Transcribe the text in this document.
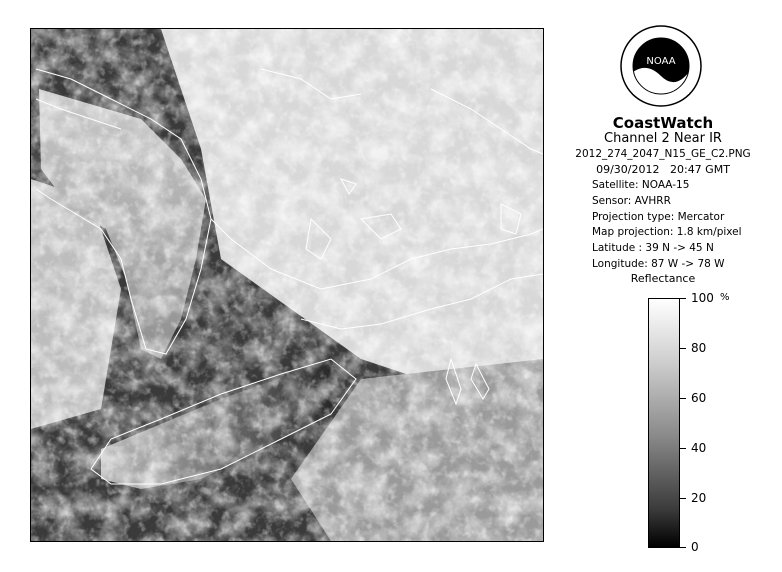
NOAA
CoastWatch
Channel 2 Near IR
2012_274_2047_N15_GE_C2.PNG
09/30/2012 20:47 GMT
Satellite: NOAA-15
Sensor: AVHRR
Projection type: Mercator
Map projection: 1.8 km/pixel
Latitude : 39 N -> 45 N
Longitude: 87 W -> 78 W
Reflectance
%
100
80
60
40
20
0
